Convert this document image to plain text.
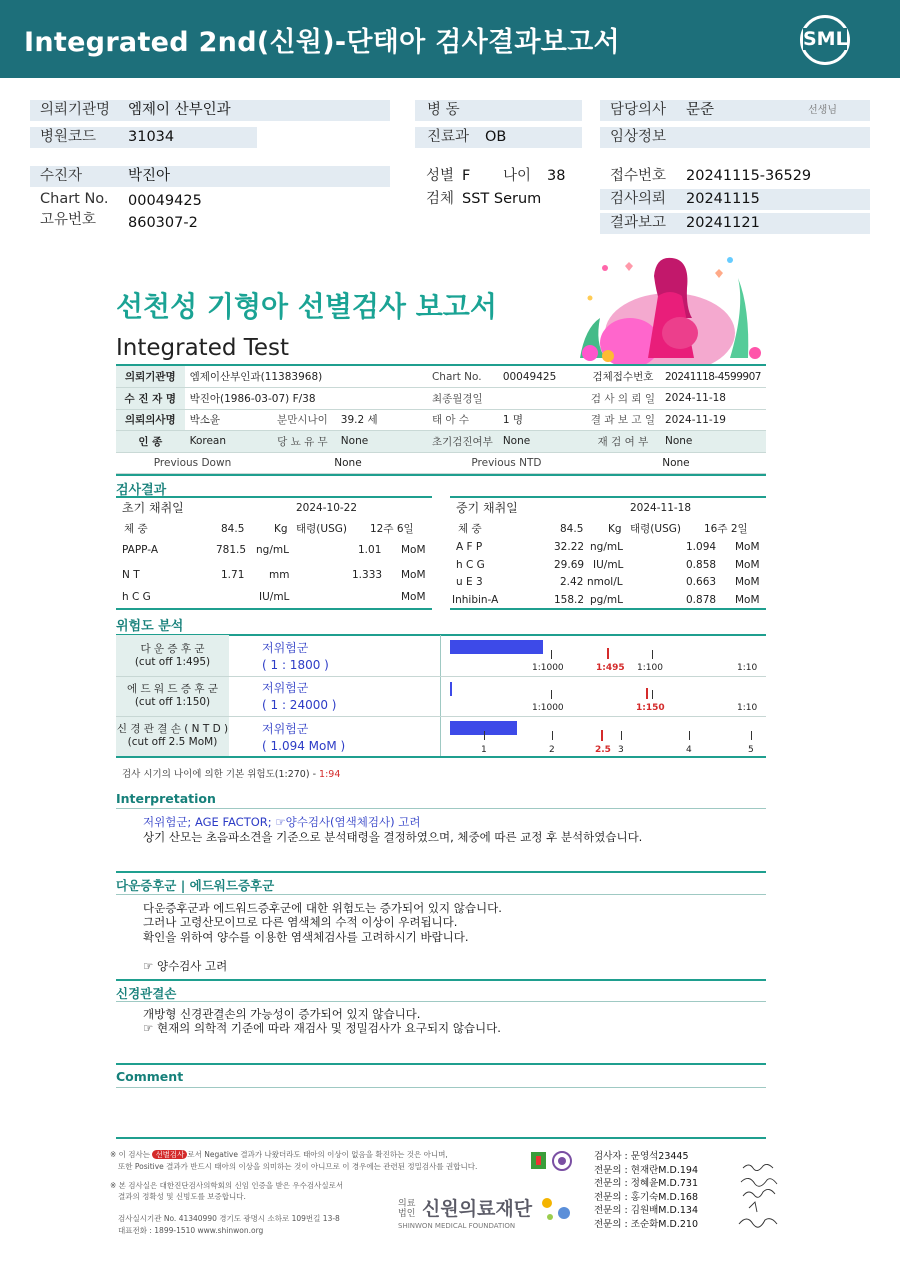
Integrated 2nd(신원)-단태아 검사결과보고서	SML
의뢰기관명 엠제이 산부인과
병원코드 31034
병 동
진료과 OB
담당의사 문준	선생님
임상정보
수진자	박진아
Chart No. 00049425
고유번호 860307-2
성별 F 나이 38
검체 SST Serum
접수번호 20241115-36529
검사의뢰 20241115
결과보고 20241121
선천성 기형아 선별검사 보고서
Integrated Test
의뢰기관명	엠제이산부인과(11383968)			Chart No.	00049425	검체접수번호	20241118-4599907
수 진 자 명	박진아(1986-03-07) F/38			최종월경일		검 사 의 뢰 일	2024-11-18
의뢰의사명	박소윤	분만시나이	39.2 세	태 아 수	1 명	결 과 보 고 일	2024-11-19
인 종	Korean	당 뇨 유 무	None	초기검진여부	None	재 검 여 부	None
Previous Down		None		Previous NTD		None	
검사결과
초기 채취일	2024-10-22	중기 채취일	2024-11-18
체 중	84.5	Kg 태령(USG) 12주 6일	체 중	84.5 Kg 태령(USG) 16주 2일
PAPP-A	781.5 ng/mL	1.01 MoM
N T	1.71 mm	1.333 MoM
h C G	IU/mL	MoM
A F P	32.22 ng/mL	1.094 MoM
h C G	29.69 IU/mL	0.858 MoM
u E 3	2.42 nmol/L	0.663 MoM
Inhibin-A	158.2 pg/mL	0.878 MoM
위험도 분석
다 운 증 후 군
(cut off 1:495)
저위험군
( 1 : 1800 )
에 드 워 드 증 후 군
(cut off 1:150)
저위험군
( 1 : 24000 )
신 경 관 결 손 ( N T D )
(cut off 2.5 MoM)
저위험군
( 1.094 MoM )
1:1000	1:495 1:100	1:10
1:1000	1:150	1:10
1	2	2.5 3	4	5
검사 시기의 나이에 의한 기본 위험도(1:270) - 1:94
Interpretation
저위험군; AGE FACTOR; ☞양수검사(염색체검사) 고려
상기 산모는 초음파소견을 기준으로 분석태령을 결정하였으며, 체중에 따른 교정 후 분석하였습니다.
다운증후군 | 에드워드증후군
다운증후군과 에드워드증후군에 대한 위험도는 증가되어 있지 않습니다.
그러나 고령산모이므로 다른 염색체의 수적 이상이 우려됩니다.
확인을 위하여 양수를 이용한 염색체검사를 고려하시기 바랍니다.
☞ 양수검사 고려
신경관결손
개방형 신경관결손의 가능성이 증가되어 있지 않습니다.
☞ 현재의 의학적 기준에 따라 재검사 및 정밀검사가 요구되지 않습니다.
Comment
※ 이 검사는 선별검사 로서 Negative 결과가 나왔더라도 태아의 이상이 없음을 확진하는 것은 아니며,
또한 Positive 결과가 반드시 태아의 이상을 의미하는 것이 아니므로 이 경우에는 관련된 정밀검사를 권합니다.
※ 본 검사실은 대한진단검사의학회의 신임 인증을 받은 우수검사실로서
결과의 정확성 및 신빙도를 보증합니다.
검사실시기관 No. 41340990 경기도 광명시 소하로 109번길 13-8
대표전화 : 1899-1510 www.shinwon.org
의료
법인 신원의료재단
SHINWON MEDICAL FOUNDATION
검사자 : 문영석23445
전문의 : 현재란M.D.194
전문의 : 정혜윤M.D.731
전문의 : 홍기숙M.D.168
전문의 : 김원배M.D.134
전문의 : 조순화M.D.210
